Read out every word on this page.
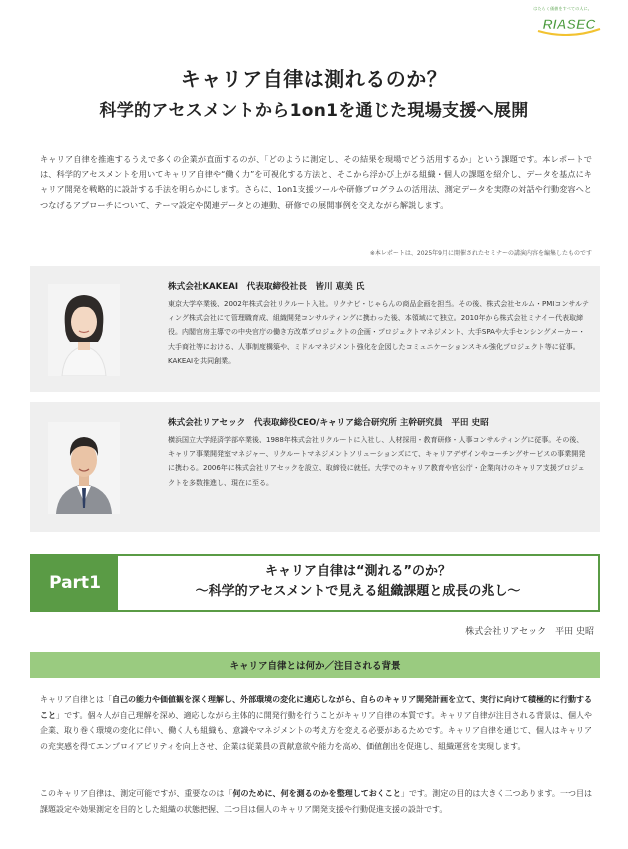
はたらく価値をすべての人に。
RIASEC
キャリア自律は測れるのか？
科学的アセスメントから1on1を通じた現場支援へ展開

キャリア自律を推進するうえで多くの企業が直面するのが、「どのように測定し、その結果を現場でどう活用するか」という課題です。本レポートでは、科学的アセスメントを用いてキャリア自律や“働く力”を可視化する方法と、そこから浮かび上がる組織・個人の課題を紹介し、データを基点にキャリア開発を戦略的に設計する手法を明らかにします。さらに、1on1支援ツールや研修プログラムの活用法、測定データを実際の対話や行動変容へとつなげるアプローチについて、テーマ設定や関連データとの連動、研修での展開事例を交えながら解説します。

※本レポートは、2025年9月に開催されたセミナーの講演内容を編集したものです
株式会社KAKEAI　代表取締役社長　皆川 恵美 氏
東京大学卒業後、2002年株式会社リクルート入社。リクナビ・じゃらんの商品企画を担当。その後、株式会社セルム・PMIコンサルティング株式会社にて管理職育成、組織開発コンサルティングに携わった後、本領域にて独立。2010年から株式会社ミナイー代表取締役。内閣官房主導での中央官庁の働き方改革プロジェクトの企画・プロジェクトマネジメント、大手SPAや大手センシングメーカー・大手商社等における、人事制度構築や、ミドルマネジメント強化を企図したコミュニケーションスキル強化プロジェクト等に従事。KAKEAIを共同創業。
株式会社リアセック　代表取締役CEO/キャリア総合研究所 主幹研究員　平田 史昭
横浜国立大学経済学部卒業後、1988年株式会社リクルートに入社し、人材採用・教育研修・人事コンサルティングに従事。その後、キャリア事業開発室マネジャー、リクルートマネジメントソリューションズにて、キャリアデザインやコーチングサービスの事業開発に携わる。2006年に株式会社リアセックを設立、取締役に就任。大学でのキャリア教育や官公庁・企業向けのキャリア支援プロジェクトを多数推進し、現在に至る。
Part1
キャリア自律は“測れる”のか？
～科学的アセスメントで見える組織課題と成長の兆し～
株式会社リアセック　平田 史昭
キャリア自律とは何か／注目される背景

キャリア自律とは「自己の能力や価値観を深く理解し、外部環境の変化に適応しながら、自らのキャリア開発計画を立て、実行に向けて積極的に行動すること」です。個々人が自己理解を深め、適応しながら主体的に開発行動を行うことがキャリア自律の本質です。キャリア自律が注目される背景は、個人や企業、取り巻く環境の変化に伴い、働く人も組織も、意識やマネジメントの考え方を変える必要があるためです。キャリア自律を通じて、個人はキャリアの充実感を得てエンプロイアビリティを向上させ、企業は従業員の貢献意欲や能力を高め、価値創出を促進し、組織運営を実現します。

このキャリア自律は、測定可能ですが、重要なのは「何のために、何を測るのかを整理しておくこと」です。測定の目的は大きく二つあります。一つ目は課題設定や効果測定を目的とした組織の状態把握、二つ目は個人のキャリア開発支援や行動促進支援の設計です。
